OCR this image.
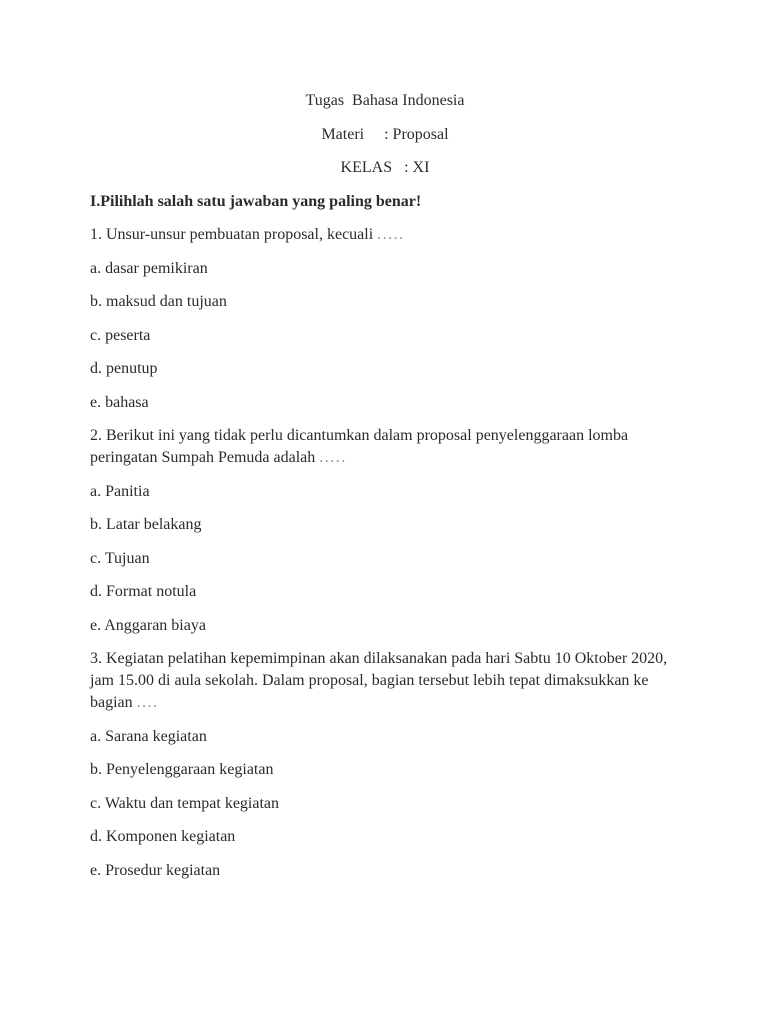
Tugas  Bahasa Indonesia

Materi     : Proposal

KELAS   : XI

I.Pilihlah salah satu jawaban yang paling benar!

1. Unsur-unsur pembuatan proposal, kecuali .....

a. dasar pemikiran

b. maksud dan tujuan

c. peserta

d. penutup

e. bahasa

2. Berikut ini yang tidak perlu dicantumkan dalam proposal penyelenggaraan lomba peringatan Sumpah Pemuda adalah .....

a. Panitia

b. Latar belakang

c. Tujuan

d. Format notula

e. Anggaran biaya

3. Kegiatan pelatihan kepemimpinan akan dilaksanakan pada hari Sabtu 10 Oktober 2020, jam 15.00 di aula sekolah. Dalam proposal, bagian tersebut lebih tepat dimaksukkan ke bagian ....

a. Sarana kegiatan

b. Penyelenggaraan kegiatan

c. Waktu dan tempat kegiatan

d. Komponen kegiatan

e. Prosedur kegiatan
